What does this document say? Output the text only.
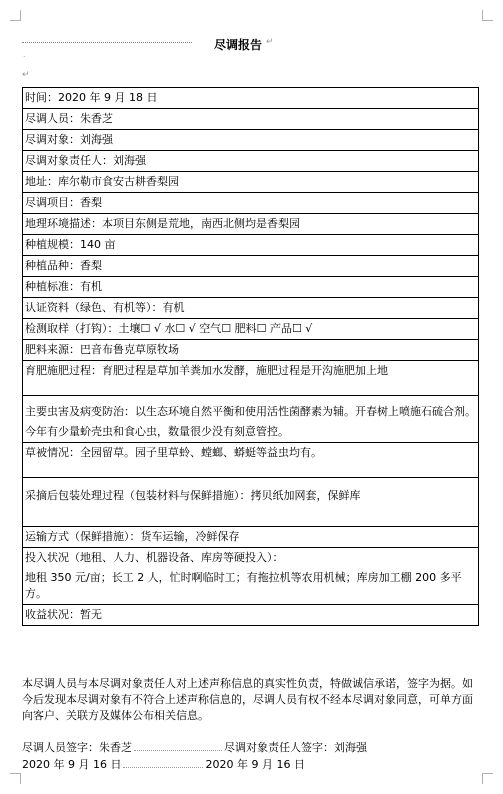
尽调报告 ↵
˙
↵
时间：2020 年 9 月 18 日
尽调人员：朱香芝
尽调对象：刘海强
尽调对象责任人：刘海强
地址：库尔勒市食安古耕香梨园
尽调项目：香梨
地理环境描述：本项目东侧是荒地，南西北侧均是香梨园
种植规模：140 亩
种植品种：香梨
种植标准：有机
认证资料（绿色、有机等）：有机
检测取样（打钩）：土壤☐ √ 水☐ √ 空气☐ 肥料☐ 产品☐ √
肥料来源：巴音布鲁克草原牧场
育肥施肥过程：育肥过程是草加羊粪加水发酵，施肥过程是开沟施肥加上地
主要虫害及病变防治：以生态环境自然平衡和使用活性菌酵素为辅。开春树上喷施石硫合剂。
今年有少量蚧壳虫和食心虫，数量很少没有刻意管控。
草被情况：全园留草。园子里草蛉、螳螂、蟒蜓等益虫均有。
采摘后包装处理过程（包装材料与保鲜措施）：拷贝纸加网套，保鲜库
运输方式（保鲜措施）：货车运输，冷鲜保存
投入状况（地租、人力、机器设备、库房等硬投入）：
地租 350 元/亩；长工 2 人，忙时啊临时工；有拖拉机等农用机械；库房加工棚 200 多平方。
收益状况：暂无
本尽调人员与本尽调对象责任人对上述声称信息的真实性负责，特做诚信承诺，签字为据。如今后发现本尽调对象有不符合上述声称信息的，尽调人员有权不经本尽调对象同意，可单方面向客户、关联方及媒体公布相关信息。
尽调人员签字：朱香芝	尽调对象责任人签字：刘海强
2020 年 9 月 16 日	2020 年 9 月 16 日
